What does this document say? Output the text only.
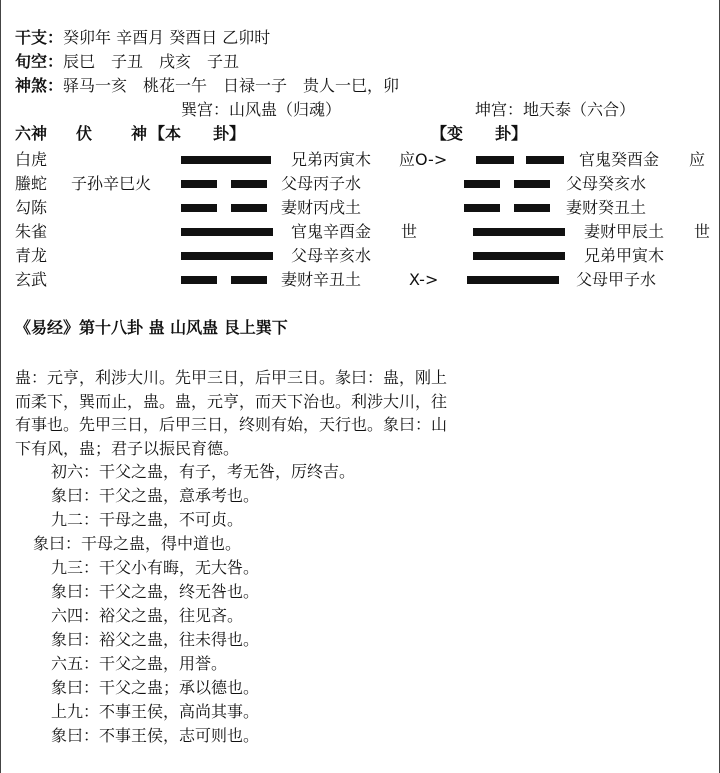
干支：癸卯年 辛酉月 癸酉日 乙卯时
旬空：辰巳　子丑　戌亥　子丑
神煞：驿马一亥　桃花一午　日禄一子　贵人一巳，卯
巽宫：山风蛊（归魂）	坤宫：地天泰（六合）
六神 伏 神 【本　　卦】	【变　　卦】
白虎	兄弟丙寅木 应 O->	官鬼癸酉金 应
螣蛇 子孙辛巳火	父母丙子水	父母癸亥水
勾陈	妻财丙戌土	妻财癸丑土
朱雀	官鬼辛酉金 世	妻财甲辰土 世
青龙	父母辛亥水	兄弟甲寅木
玄武	妻财辛丑土	X->	父母甲子水
《易经》第十八卦 蛊 山风蛊 艮上巽下
蛊：元亨，利涉大川。先甲三日，后甲三日。彖曰：蛊，刚上
而柔下，巽而止，蛊。蛊，元亨，而天下治也。利涉大川，往
有事也。先甲三日，后甲三日，终则有始，天行也。象曰：山
下有风，蛊；君子以振民育德。
初六：干父之蛊，有子，考无咎，厉终吉。
象曰：干父之蛊，意承考也。
九二：干母之蛊，不可贞。
象曰：干母之蛊，得中道也。
九三：干父小有晦，无大咎。
象曰：干父之蛊，终无咎也。
六四：裕父之蛊，往见吝。
象曰：裕父之蛊，往未得也。
六五：干父之蛊，用誉。
象曰：干父之蛊；承以德也。
上九：不事王侯，高尚其事。
象曰：不事王侯，志可则也。
